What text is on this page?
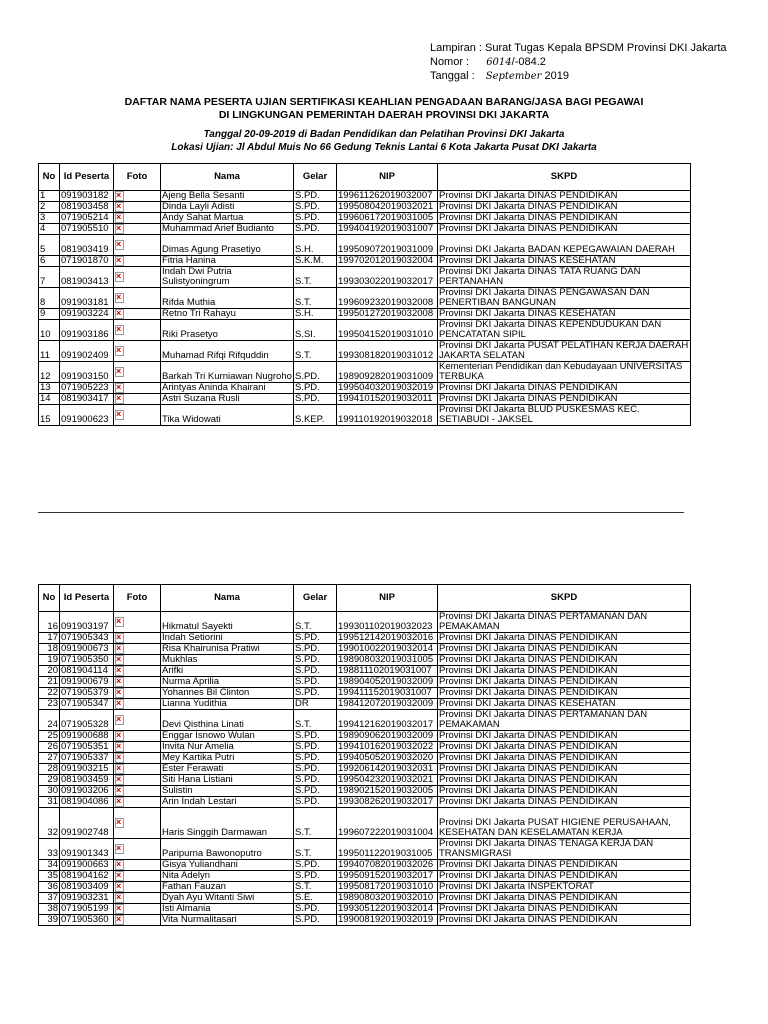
Lampiran : Surat Tugas Kepala BPSDM Provinsi DKI Jakarta
Nomor : 6014/-084.2
Tanggal : September 2019
DAFTAR NAMA PESERTA UJIAN SERTIFIKASI KEAHLIAN PENGADAAN BARANG/JASA BAGI PEGAWAI
DI LINGKUNGAN PEMERINTAH DAERAH PROVINSI DKI JAKARTA
Tanggal 20-09-2019 di Badan Pendidikan dan Pelatihan Provinsi DKI Jakarta
Lokasi Ujian: Jl Abdul Muis No 66 Gedung Teknis Lantai 6 Kota Jakarta Pusat DKI Jakarta
No	Id Peserta	Foto	Nama	Gelar	NIP	SKPD
1	091903182	×	Ajeng Bella Sesanti	S.PD.	199611262019032007	Provinsi DKI Jakarta DINAS PENDIDIKAN
2	081903458	×	Dinda Layli Adisti	S.PD.	199508042019032021	Provinsi DKI Jakarta DINAS PENDIDIKAN
3	071905214	×	Andy Sahat Martua	S.PD.	199606172019031005	Provinsi DKI Jakarta DINAS PENDIDIKAN
4	071905510	×	Muhammad Arief Budianto	S.PD.	199404192019031007	Provinsi DKI Jakarta DINAS PENDIDIKAN
5	081903419	×	Dimas Agung Prasetiyo	S.H.	199509072019031009	Provinsi DKI Jakarta BADAN KEPEGAWAIAN DAERAH
6	071901870	×	Fitria Hanina	S.K.M.	199702012019032004	Provinsi DKI Jakarta DINAS KESEHATAN
7	081903413	×	Indah Dwi Putria Sulistyoningrum	S.T.	199303022019032017	Provinsi DKI Jakarta DINAS TATA RUANG DAN PERTANAHAN
8	091903181	×	Rifda Muthia	S.T.	199609232019032008	Provinsi DKI Jakarta DINAS PENGAWASAN DAN PENERTIBAN BANGUNAN
9	091903224	×	Retno Tri Rahayu	S.H.	199501272019032008	Provinsi DKI Jakarta DINAS KESEHATAN
10	091903186	×	Riki Prasetyo	S.SI.	199504152019031010	Provinsi DKI Jakarta DINAS KEPENDUDUKAN DAN PENCATATAN SIPIL
11	091902409	×	Muhamad Rifqi Rifquddin	S.T.	199308182019031012	Provinsi DKI Jakarta PUSAT PELATIHAN KERJA DAERAH JAKARTA SELATAN
12	091903150	×	Barkah Tri Kurniawan Nugroho	S.PD.	198909282019031009	Kementerian Pendidikan dan Kebudayaan UNIVERSITAS TERBUKA
13	071905223	×	Arintyas Aninda Khairani	S.PD.	199504032019032019	Provinsi DKI Jakarta DINAS PENDIDIKAN
14	081903417	×	Astri Suzana Rusli	S.PD.	199410152019032011	Provinsi DKI Jakarta DINAS PENDIDIKAN
15	091900623	×	Tika Widowati	S.KEP.	199110192019032018	Provinsi DKI Jakarta BLUD PUSKESMAS KEC. SETIABUDI - JAKSEL
No	Id Peserta	Foto	Nama	Gelar	NIP	SKPD
16	091903197	×	Hikmatul Sayekti	S.T.	199301102019032023	Provinsi DKI Jakarta DINAS PERTAMANAN DAN PEMAKAMAN
17	071905343	×	Indah Setiorini	S.PD.	199512142019032016	Provinsi DKI Jakarta DINAS PENDIDIKAN
18	091900673	×	Risa Khairunisa Pratiwi	S.PD.	199010022019032014	Provinsi DKI Jakarta DINAS PENDIDIKAN
19	071905350	×	Mukhlas	S.PD.	198908032019031005	Provinsi DKI Jakarta DINAS PENDIDIKAN
20	081904114	×	Arifki	S.PD.	198811102019031007	Provinsi DKI Jakarta DINAS PENDIDIKAN
21	091900679	×	Nurma Aprilia	S.PD.	198904052019032009	Provinsi DKI Jakarta DINAS PENDIDIKAN
22	071905379	×	Yohannes Bil Clinton	S.PD.	199411152019031007	Provinsi DKI Jakarta DINAS PENDIDIKAN
23	071905347	×	Lianna Yudithia	DR	198412072019032009	Provinsi DKI Jakarta DINAS KESEHATAN
24	071905328	×	Devi Qisthina Linati	S.T.	199412162019032017	Provinsi DKI Jakarta DINAS PERTAMANAN DAN PEMAKAMAN
25	091900688	×	Enggar Isnowo Wulan	S.PD.	198909062019032009	Provinsi DKI Jakarta DINAS PENDIDIKAN
26	071905351	×	Invita Nur Amelia	S.PD.	199410162019032022	Provinsi DKI Jakarta DINAS PENDIDIKAN
27	071905337	×	Mey Kartika Putri	S.PD.	199405052019032020	Provinsi DKI Jakarta DINAS PENDIDIKAN
28	091903215	×	Ester Ferawati	S.PD.	199206142019032031	Provinsi DKI Jakarta DINAS PENDIDIKAN
29	081903459	×	Siti Hana Listiani	S.PD.	199504232019032021	Provinsi DKI Jakarta DINAS PENDIDIKAN
30	091903206	×	Sulistin	S.PD.	198902152019032005	Provinsi DKI Jakarta DINAS PENDIDIKAN
31	081904086	×	Arin Indah Lestari	S.PD.	199308262019032017	Provinsi DKI Jakarta DINAS PENDIDIKAN
32	091902748	×	Haris Singgih Darmawan	S.T.	199607222019031004	Provinsi DKI Jakarta PUSAT HIGIENE PERUSAHAAN, KESEHATAN DAN KESELAMATAN KERJA
33	091901343	×	Paripurna Bawonoputro	S.T.	199501122019031005	Provinsi DKI Jakarta DINAS TENAGA KERJA DAN TRANSMIGRASI
34	091900663	×	Gisya Yuliandhani	S.PD.	199407082019032026	Provinsi DKI Jakarta DINAS PENDIDIKAN
35	081904162	×	Nita Adelyn	S.PD.	199509152019032017	Provinsi DKI Jakarta DINAS PENDIDIKAN
36	081903409	×	Fathan Fauzan	S.T.	199508172019031010	Provinsi DKI Jakarta INSPEKTORAT
37	091903231	×	Dyah Ayu Witanti Siwi	S.E.	198908032019032010	Provinsi DKI Jakarta DINAS PENDIDIKAN
38	071905199	×	Isti Almania	S.PD.	199305122019032014	Provinsi DKI Jakarta DINAS PENDIDIKAN
39	071905360	×	Vita Nurmalitasari	S.PD.	199008192019032019	Provinsi DKI Jakarta DINAS PENDIDIKAN
